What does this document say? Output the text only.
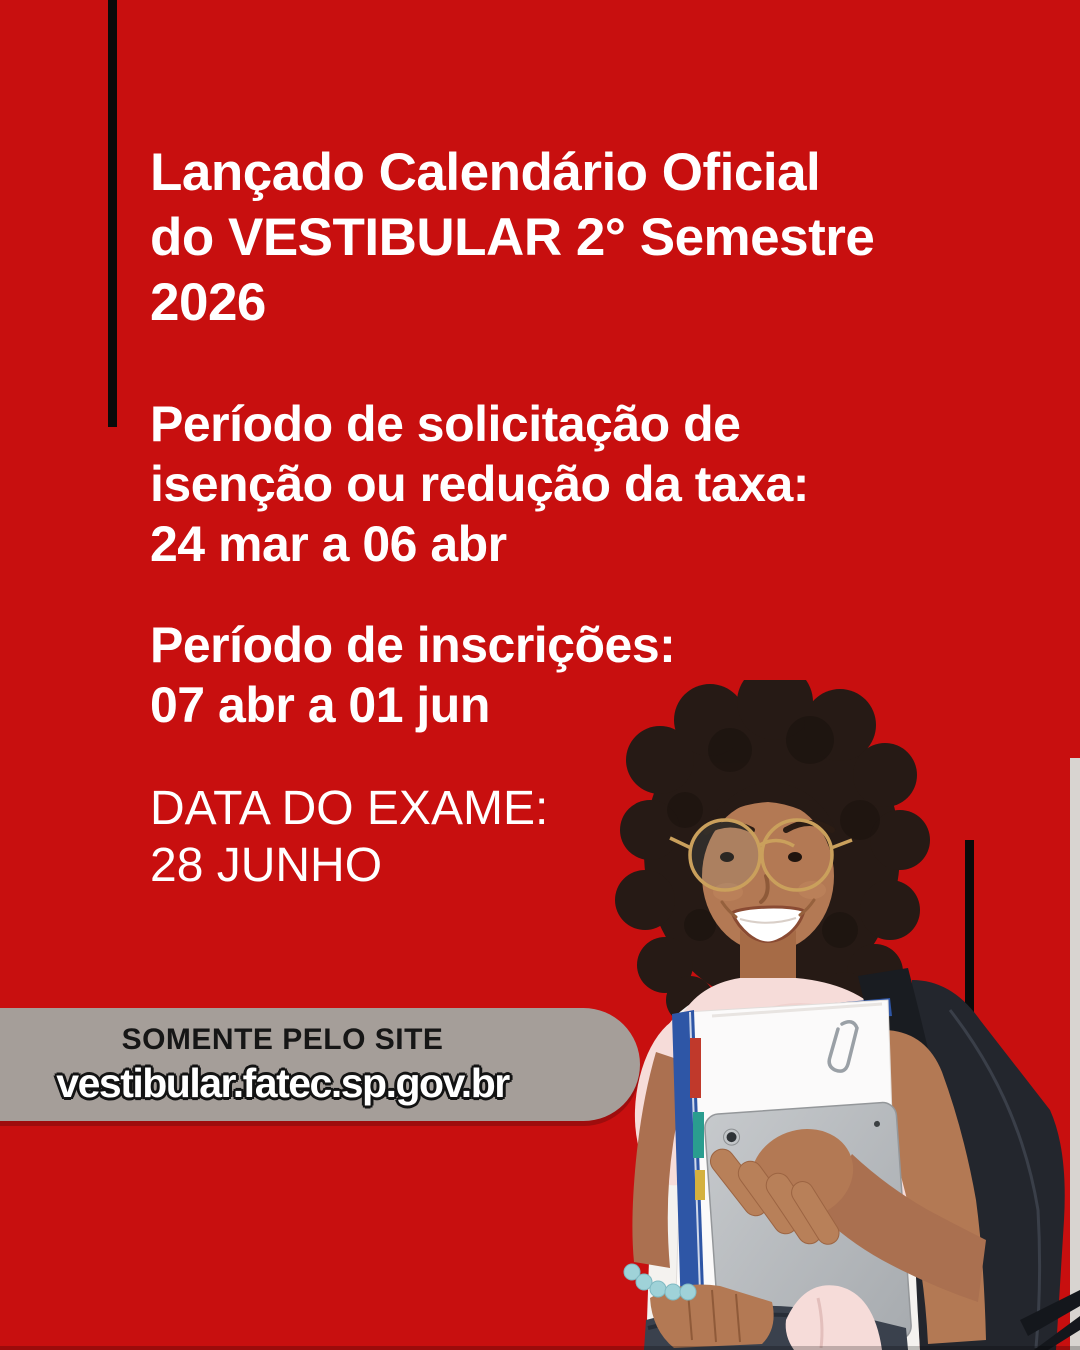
Lançado Calendário Oficial
do VESTIBULAR 2° Semestre
2026
Período de solicitação de
isenção ou redução da taxa:
24 mar a 06 abr
Período de inscrições:
07 abr a 01 jun
DATA DO EXAME:
28 JUNHO
SOMENTE PELO SITE
vestibular.fatec.sp.gov.br
